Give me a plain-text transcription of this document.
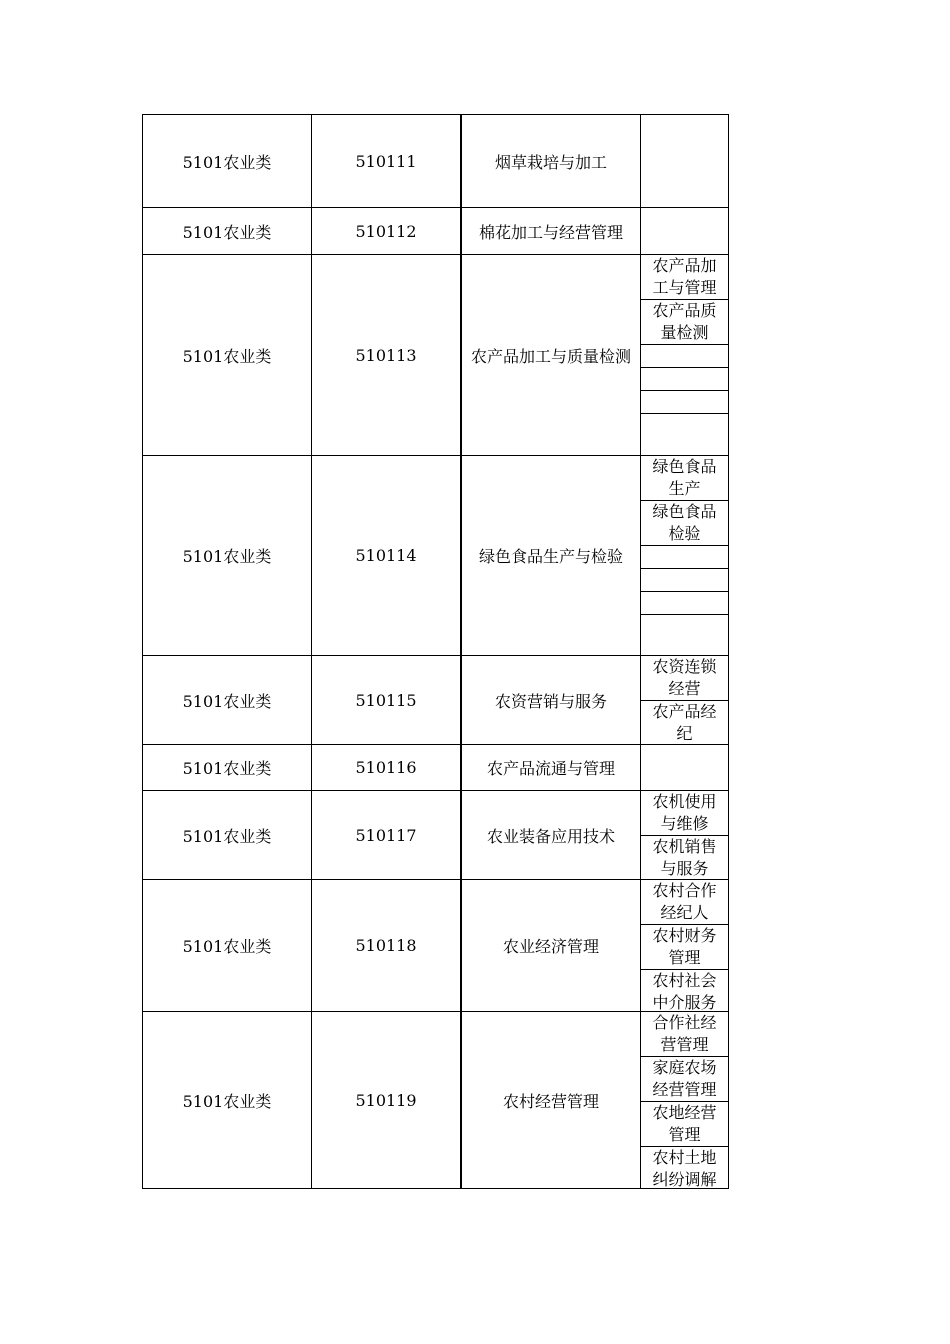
5101农业类	510111	烟草栽培与加工
5101农业类	510112	棉花加工与经营管理
5101农业类	510113	农产品加工与质量检测
农产品加工与管理
农产品质量检测
5101农业类	510114	绿色食品生产与检验
绿色食品生产
绿色食品检验
5101农业类	510115	农资营销与服务
农资连锁经营
农产品经纪
5101农业类	510116	农产品流通与管理
5101农业类	510117	农业装备应用技术
农机使用与维修
农机销售与服务
5101农业类	510118	农业经济管理
农村合作经纪人
农村财务管理
农村社会中介服务
5101农业类	510119	农村经营管理
合作社经营管理
家庭农场经营管理
农地经营管理
农村土地纠纷调解
